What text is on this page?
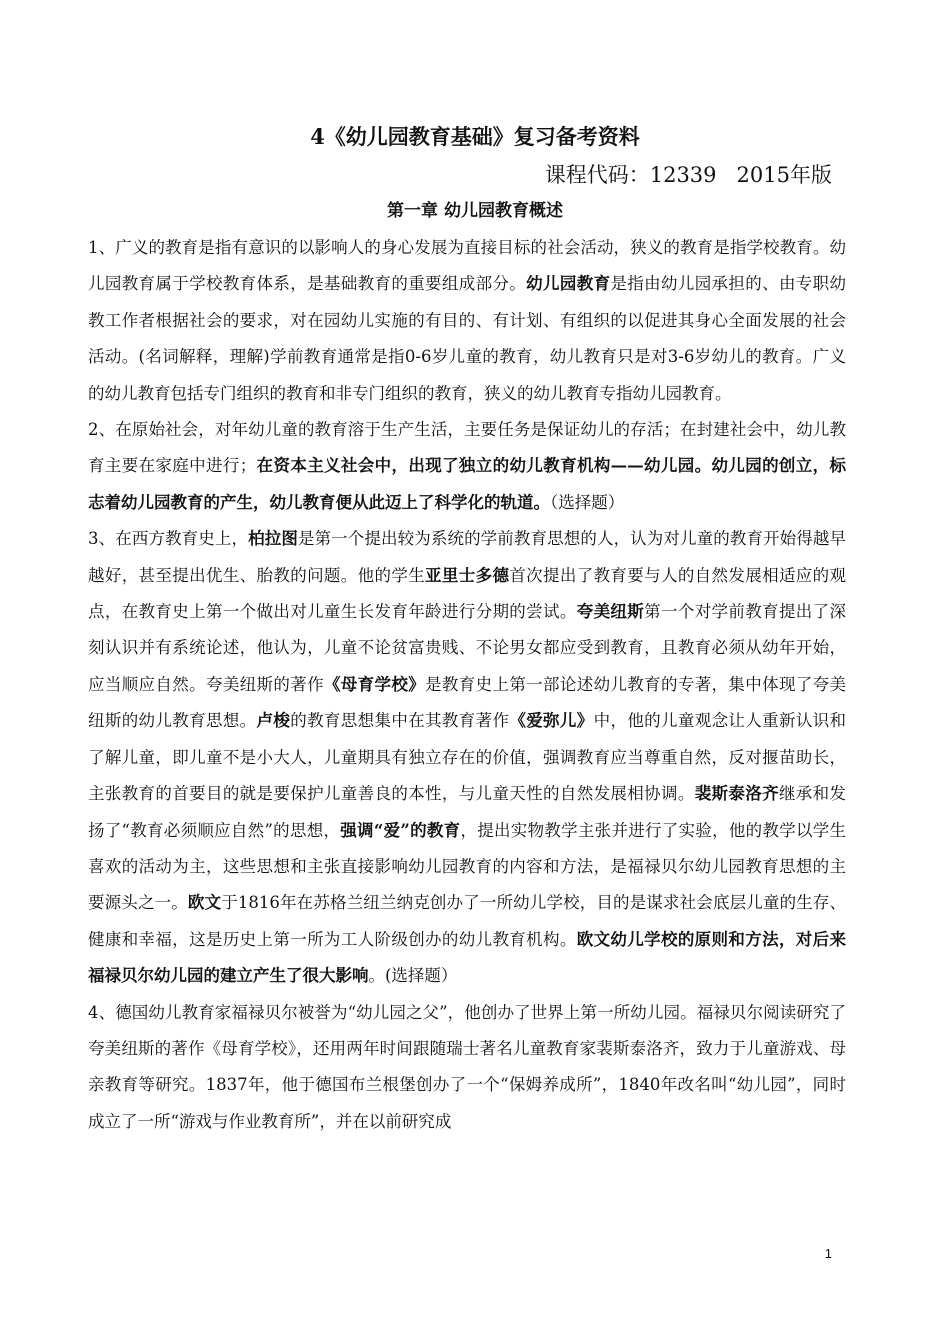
4《幼儿园教育基础》复习备考资料
课程代码：12339   2015年版
第一章 幼儿园教育概述

1、广义的教育是指有意识的以影响人的身心发展为直接目标的社会活动，狭义的教育是指学校教育。幼儿园教育属于学校教育体系，是基础教育的重要组成部分。幼儿园教育是指由幼儿园承担的、由专职幼教工作者根据社会的要求，对在园幼儿实施的有目的、有计划、有组织的以促进其身心全面发展的社会活动。(名词解释，理解)学前教育通常是指0-6岁儿童的教育，幼儿教育只是对3-6岁幼儿的教育。广义的幼儿教育包括专门组织的教育和非专门组织的教育，狭义的幼儿教育专指幼儿园教育。

2、在原始社会，对年幼儿童的教育溶于生产生活，主要任务是保证幼儿的存活；在封建社会中，幼儿教育主要在家庭中进行；在资本主义社会中，出现了独立的幼儿教育机构——幼儿园。幼儿园的创立，标志着幼儿园教育的产生，幼儿教育便从此迈上了科学化的轨道。（选择题）

3、在西方教育史上，柏拉图是第一个提出较为系统的学前教育思想的人，认为对儿童的教育开始得越早越好，甚至提出优生、胎教的问题。他的学生亚里士多德首次提出了教育要与人的自然发展相适应的观点，在教育史上第一个做出对儿童生长发育年龄进行分期的尝试。夸美纽斯第一个对学前教育提出了深刻认识并有系统论述，他认为，儿童不论贫富贵贱、不论男女都应受到教育，且教育必须从幼年开始，应当顺应自然。夸美纽斯的著作《母育学校》是教育史上第一部论述幼儿教育的专著，集中体现了夸美纽斯的幼儿教育思想。卢梭的教育思想集中在其教育著作《爱弥儿》中，他的儿童观念让人重新认识和了解儿童，即儿童不是小大人，儿童期具有独立存在的价值，强调教育应当尊重自然，反对揠苗助长，主张教育的首要目的就是要保护儿童善良的本性，与儿童天性的自然发展相协调。裴斯泰洛齐继承和发扬了“教育必须顺应自然”的思想，强调“爱”的教育，提出实物教学主张并进行了实验，他的教学以学生喜欢的活动为主，这些思想和主张直接影响幼儿园教育的内容和方法，是福禄贝尔幼儿园教育思想的主要源头之一。欧文于1816年在苏格兰纽兰纳克创办了一所幼儿学校，目的是谋求社会底层儿童的生存、健康和幸福，这是历史上第一所为工人阶级创办的幼儿教育机构。欧文幼儿学校的原则和方法，对后来福禄贝尔幼儿园的建立产生了很大影响。(选择题）

4、德国幼儿教育家福禄贝尔被誉为“幼儿园之父”，他创办了世界上第一所幼儿园。福禄贝尔阅读研究了夸美纽斯的著作《母育学校》，还用两年时间跟随瑞士著名儿童教育家裴斯泰洛齐，致力于儿童游戏、母亲教育等研究。1837年，他于德国布兰根堡创办了一个“保姆养成所”，1840年改名叫“幼儿园”，同时成立了一所“游戏与作业教育所”，并在以前研究成

1
